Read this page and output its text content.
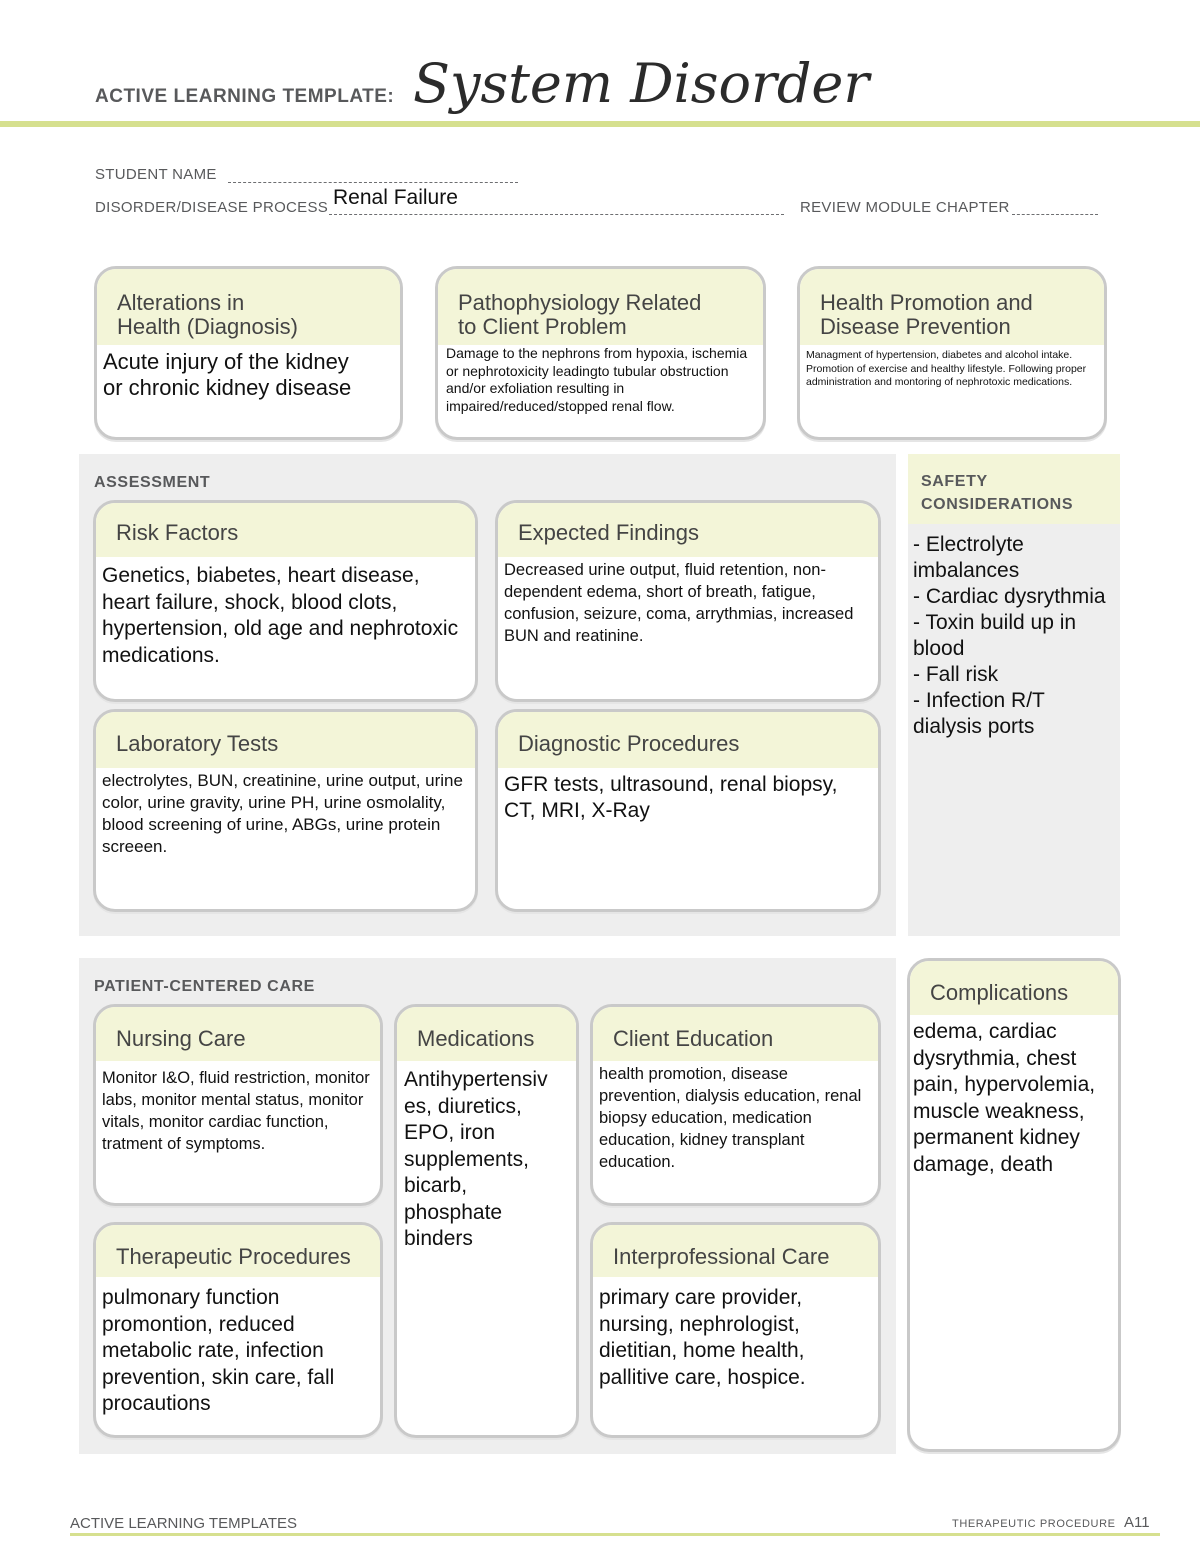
ACTIVE LEARNING TEMPLATE: System Disorder
STUDENT NAME
DISORDER/DISEASE PROCESS Renal Failure	REVIEW MODULE CHAPTER
Alterations in
Health (Diagnosis)
Acute injury of the kidney
or chronic kidney disease
Pathophysiology Related
to Client Problem
Damage to the nephrons from hypoxia, ischemia or nephrotoxicity leadingto tubular obstruction and/or exfoliation resulting in impaired/reduced/stopped renal flow.
Health Promotion and
Disease Prevention
Managment of hypertension, diabetes and alcohol intake. Promotion of exercise and healthy lifestyle. Following proper administration and montoring of nephrotoxic medications.
ASSESSMENT
Risk Factors
Genetics, biabetes, heart disease, heart failure, shock, blood clots, hypertension, old age and nephrotoxic medications.
Expected Findings
Decreased urine output, fluid retention, non-dependent edema, short of breath, fatigue, confusion, seizure, coma, arrythmias, increased BUN and reatinine.
Laboratory Tests
electrolytes, BUN, creatinine, urine output, urine color, urine gravity, urine PH, urine osmolality, blood screening of urine, ABGs, urine protein screeen.
Diagnostic Procedures
GFR tests, ultrasound, renal biopsy, CT, MRI, X-Ray
SAFETY
CONSIDERATIONS
- Electrolyte imbalances
- Cardiac dysrythmia
- Toxin build up in blood
- Fall risk
- Infection R/T dialysis ports
PATIENT-CENTERED CARE
Nursing Care
Monitor I&O, fluid restriction, monitor labs, monitor mental status, monitor vitals, monitor cardiac function, tratment of symptoms.
Medications
Antihypertensiv
es, diuretics, EPO, iron supplements, bicarb, phosphate binders
Client Education
health promotion, disease prevention, dialysis education, renal biopsy education, medication education, kidney transplant education.
Therapeutic Procedures
pulmonary function promontion, reduced metabolic rate, infection prevention, skin care, fall procautions
Interprofessional Care
primary care provider, nursing, nephrologist, dietitian, home health, pallitive care, hospice.
Complications
edema, cardiac dysrythmia, chest pain, hypervolemia, muscle weakness, permanent kidney damage, death
ACTIVE LEARNING TEMPLATES	THERAPEUTIC PROCEDURE A11
